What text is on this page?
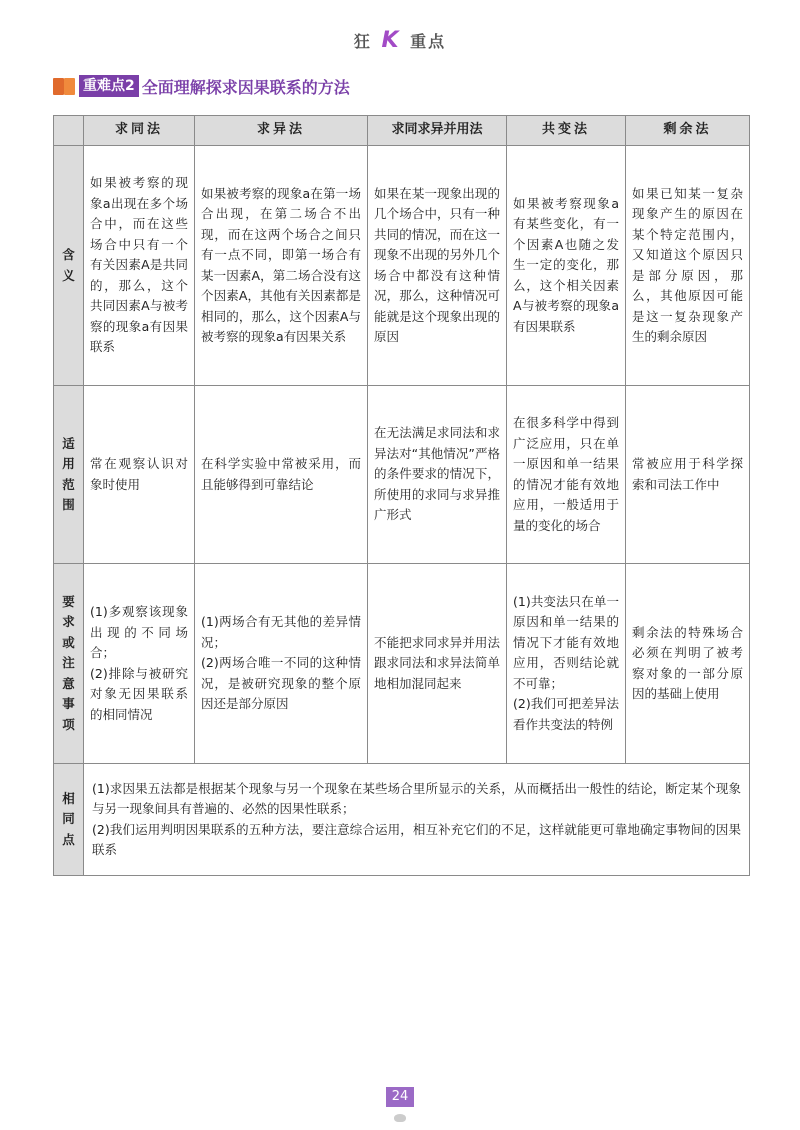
狂 K 重点
重难点2 全面理解探求因果联系的方法
	求同法	求异法	求同求异并用法	共变法	剩余法
含义	如果被考察的现象a出现在多个场合中，而在这些场合中只有一个有关因素A是共同的，那么，这个共同因素A与被考察的现象a有因果联系	如果被考察的现象a在第一场合出现，在第二场合不出现，而在这两个场合之间只有一点不同，即第一场合有某一因素A，第二场合没有这个因素A，其他有关因素都是相同的，那么，这个因素A与被考察的现象a有因果关系	如果在某一现象出现的几个场合中，只有一种共同的情况，而在这一现象不出现的另外几个场合中都没有这种情况，那么，这种情况可能就是这个现象出现的原因	如果被考察现象a有某些变化，有一个因素A也随之发生一定的变化，那么，这个相关因素A与被考察的现象a有因果联系	如果已知某一复杂现象产生的原因在某个特定范围内，又知道这个原因只是部分原因，那么，其他原因可能是这一复杂现象产生的剩余原因
适用范围	常在观察认识对象时使用	在科学实验中常被采用，而且能够得到可靠结论	在无法满足求同法和求异法对“其他情况”严格的条件要求的情况下，所使用的求同与求异推广形式	在很多科学中得到广泛应用，只在单一原因和单一结果的情况才能有效地应用，一般适用于量的变化的场合	常被应用于科学探索和司法工作中
要求或注意事项	(1)多观察该现象出现的不同场合；
(2)排除与被研究对象无因果联系的相同情况	(1)两场合有无其他的差异情况；
(2)两场合唯一不同的这种情况，是被研究现象的整个原因还是部分原因	不能把求同求异并用法跟求同法和求异法简单地相加混同起来	(1)共变法只在单一原因和单一结果的情况下才能有效地应用，否则结论就不可靠；
(2)我们可把差异法看作共变法的特例	剩余法的特殊场合必须在判明了被考察对象的一部分原因的基础上使用
相同点	(1)求因果五法都是根据某个现象与另一个现象在某些场合里所显示的关系，从而概括出一般性的结论，断定某个现象与另一现象间具有普遍的、必然的因果性联系；

(2)我们运用判明因果联系的五种方法，要注意综合运用，相互补充它们的不足，这样就能更可靠地确定事物间的因果联系				

24
